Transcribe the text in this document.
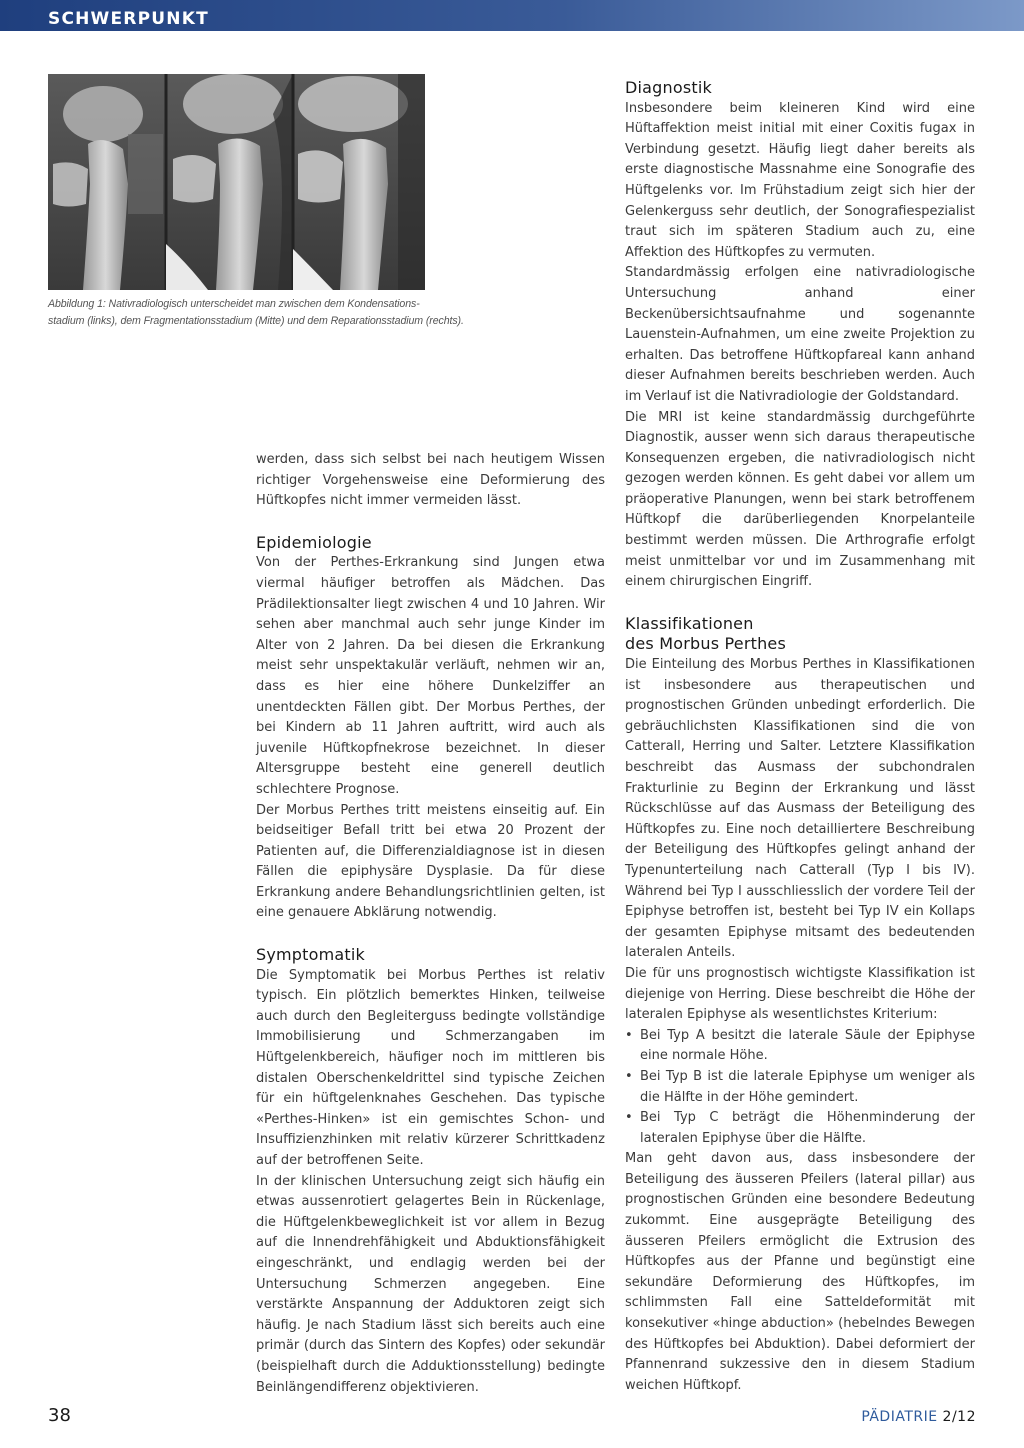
SCHWERPUNKT
Abbildung 1: Nativradiologisch unterscheidet man zwischen dem Kondensations-
stadium (links), dem Fragmentationsstadium (Mitte) und dem Reparationsstadium (rechts).

werden, dass sich selbst bei nach heutigem Wissen richtiger Vorgehensweise eine Deformierung des Hüftkopfes nicht immer vermeiden lässt.

Epidemiologie

Von der Perthes-Erkrankung sind Jungen etwa viermal häufiger betroffen als Mädchen. Das Prädilektionsalter liegt zwischen 4 und 10 Jahren. Wir sehen aber manchmal auch sehr junge Kinder im Alter von 2 Jahren. Da bei diesen die Erkrankung meist sehr unspektakulär verläuft, nehmen wir an, dass es hier eine höhere Dunkelziffer an unentdeckten Fällen gibt. Der Morbus Perthes, der bei Kindern ab 11 Jahren auftritt, wird auch als juvenile Hüftkopfnekrose bezeichnet. In dieser Altersgruppe besteht eine generell deutlich schlechtere Prognose.

Der Morbus Perthes tritt meistens einseitig auf. Ein beidseitiger Befall tritt bei etwa 20 Prozent der Patienten auf, die Differenzialdiagnose ist in diesen Fällen die epiphysäre Dysplasie. Da für diese Erkrankung andere Behandlungsrichtlinien gelten, ist eine genauere Abklärung notwendig.

Symptomatik

Die Symptomatik bei Morbus Perthes ist relativ typisch. Ein plötzlich bemerktes Hinken, teilweise auch durch den Begleiterguss bedingte vollständige Immobilisierung und Schmerzangaben im Hüftgelenkbereich, häufiger noch im mittleren bis distalen Oberschenkeldrittel sind typische Zeichen für ein hüftgelenknahes Geschehen. Das typische «Perthes-Hinken» ist ein gemischtes Schon- und Insuffizienzhinken mit relativ kürzerer Schrittkadenz auf der betroffenen Seite.

In der klinischen Untersuchung zeigt sich häufig ein etwas aussenrotiert gelagertes Bein in Rückenlage, die Hüftgelenkbeweglichkeit ist vor allem in Bezug auf die Innendrehfähigkeit und Abduktionsfähigkeit eingeschränkt, und endlagig werden bei der Untersuchung Schmerzen angegeben. Eine verstärkte Anspannung der Adduktoren zeigt sich häufig. Je nach Stadium lässt sich bereits auch eine primär (durch das Sintern des Kopfes) oder sekundär (beispielhaft durch die Adduktionsstellung) bedingte Beinlängendifferenz objektivieren.

Diagnostik

Insbesondere beim kleineren Kind wird eine Hüftaffektion meist initial mit einer Coxitis fugax in Verbindung gesetzt. Häufig liegt daher bereits als erste diagnostische Massnahme eine Sonografie des Hüftgelenks vor. Im Frühstadium zeigt sich hier der Gelenkerguss sehr deutlich, der Sonografiespezialist traut sich im späteren Stadium auch zu, eine Affektion des Hüftkopfes zu vermuten.

Standardmässig erfolgen eine nativradiologische Untersuchung anhand einer Beckenübersichtsaufnahme und sogenannte Lauenstein-Aufnahmen, um eine zweite Projektion zu erhalten. Das betroffene Hüftkopfareal kann anhand dieser Aufnahmen bereits beschrieben werden. Auch im Verlauf ist die Nativradiologie der Goldstandard.

Die MRI ist keine standardmässig durchgeführte Diagnostik, ausser wenn sich daraus therapeutische Konsequenzen ergeben, die nativradiologisch nicht gezogen werden können. Es geht dabei vor allem um präoperative Planungen, wenn bei stark betroffenem Hüftkopf die darüberliegenden Knorpelanteile bestimmt werden müssen. Die Arthrografie erfolgt meist unmittelbar vor und im Zusammenhang mit einem chirurgischen Eingriff.

Klassifikationen
des Morbus Perthes

Die Einteilung des Morbus Perthes in Klassifikationen ist insbesondere aus therapeutischen und prognostischen Gründen unbedingt erforderlich. Die gebräuchlichsten Klassifikationen sind die von Catterall, Herring und Salter. Letztere Klassifikation beschreibt das Ausmass der subchondralen Frakturlinie zu Beginn der Erkrankung und lässt Rückschlüsse auf das Ausmass der Beteiligung des Hüftkopfes zu. Eine noch detailliertere Beschreibung der Beteiligung des Hüftkopfes gelingt anhand der Typenunterteilung nach Catterall (Typ I bis IV). Während bei Typ I ausschliesslich der vordere Teil der Epiphyse betroffen ist, besteht bei Typ IV ein Kollaps der gesamten Epiphyse mitsamt des bedeutenden lateralen Anteils.

Die für uns prognostisch wichtigste Klassifikation ist diejenige von Herring. Diese beschreibt die Höhe der lateralen Epiphyse als wesentlichstes Kriterium:

• Bei Typ A besitzt die laterale Säule der Epiphyse eine normale Höhe.
• Bei Typ B ist die laterale Epiphyse um weniger als die Hälfte in der Höhe gemindert.
• Bei Typ C beträgt die Höhenminderung der lateralen Epiphyse über die Hälfte.

Man geht davon aus, dass insbesondere der Beteiligung des äusseren Pfeilers (lateral pillar) aus prognostischen Gründen eine besondere Bedeutung zukommt. Eine ausgeprägte Beteiligung des äusseren Pfeilers ermöglicht die Extrusion des Hüftkopfes aus der Pfanne und begünstigt eine sekundäre Deformierung des Hüftkopfes, im schlimmsten Fall eine Satteldeformität mit konsekutiver «hinge abduction» (hebelndes Bewegen des Hüftkopfes bei Abduktion). Dabei deformiert der Pfannenrand sukzessive den in diesem Stadium weichen Hüftkopf.

38	PÄDIATRIE 2/12
